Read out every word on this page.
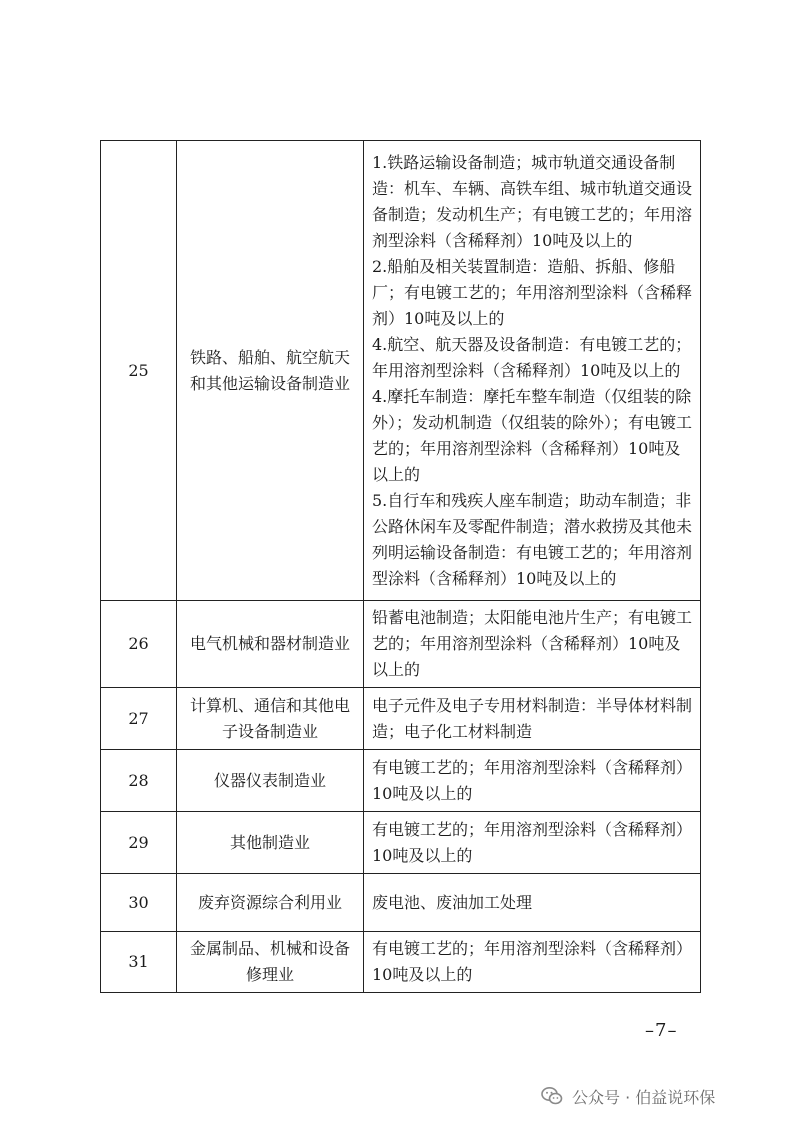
25	铁路、船舶、航空航天和其他运输设备制造业	1.铁路运输设备制造；城市轨道交通设备制造：机车、车辆、高铁车组、城市轨道交通设备制造；发动机生产；有电镀工艺的；年用溶剂型涂料（含稀释剂）10吨及以上的
2.船舶及相关装置制造：造船、拆船、修船厂；有电镀工艺的；年用溶剂型涂料（含稀释剂）10吨及以上的
4.航空、航天器及设备制造：有电镀工艺的；年用溶剂型涂料（含稀释剂）10吨及以上的
4.摩托车制造：摩托车整车制造（仅组装的除外）；发动机制造（仅组装的除外）；有电镀工艺的；年用溶剂型涂料（含稀释剂）10吨及以上的
5.自行车和残疾人座车制造；助动车制造；非公路休闲车及零配件制造；潜水救捞及其他未列明运输设备制造：有电镀工艺的；年用溶剂型涂料（含稀释剂）10吨及以上的

26	电气机械和器材制造业	铅蓄电池制造；太阳能电池片生产；有电镀工艺的；年用溶剂型涂料（含稀释剂）10吨及以上的
27	计算机、通信和其他电子设备制造业	电子元件及电子专用材料制造：半导体材料制造；电子化工材料制造
28	仪器仪表制造业	有电镀工艺的；年用溶剂型涂料（含稀释剂）10吨及以上的
29	其他制造业	有电镀工艺的；年用溶剂型涂料（含稀释剂）10吨及以上的
30	废弃资源综合利用业	废电池、废油加工处理
31	金属制品、机械和设备修理业	有电镀工艺的；年用溶剂型涂料（含稀释剂）10吨及以上的
–7–
公众号 · 伯益说环保
